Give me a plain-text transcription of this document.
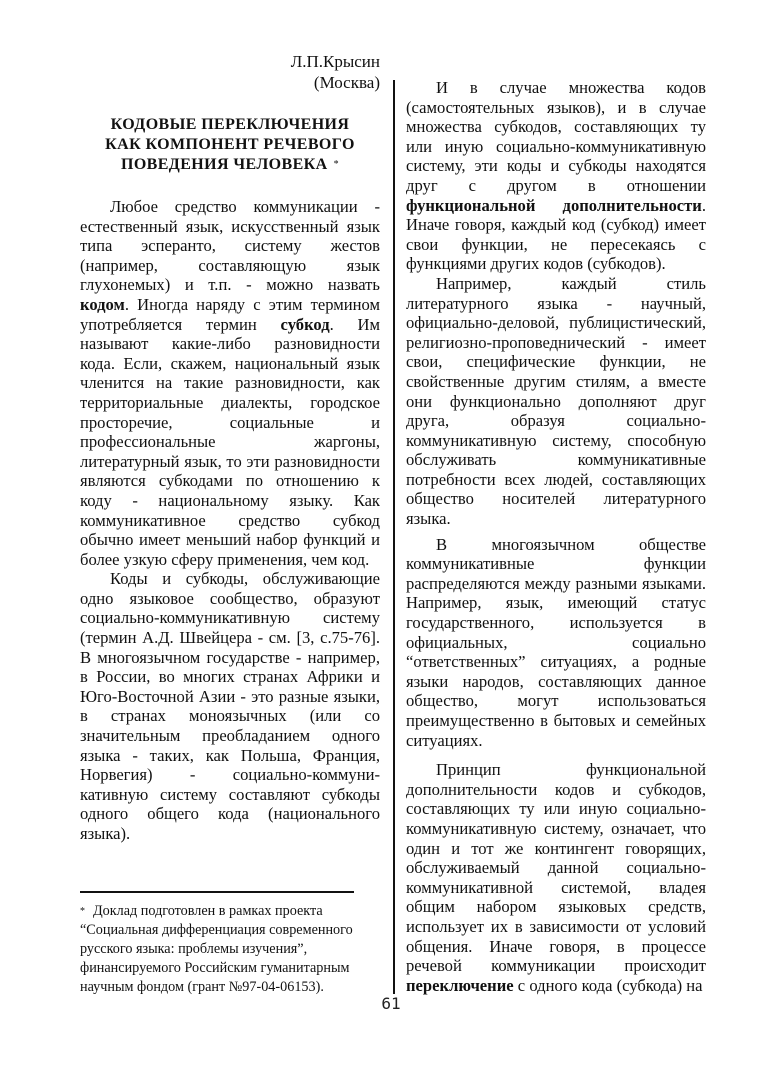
Л.П.Крысин
(Москва)
КОДОВЫЕ ПЕРЕКЛЮЧЕНИЯ
КАК КОМПОНЕНТ РЕЧЕВОГО
ПОВЕДЕНИЯ ЧЕЛОВЕКА *

Любое средство коммуникации - естественный язык, искусственный язык типа эсперанто, систему жестов (например, составляющую язык глухонемых) и т.п. - можно назвать кодом. Иногда наряду с этим термином употребляется термин субкод. Им называют какие-либо разновидности кода. Если, скажем, национальный язык членится на такие разновидности, как территориальные диалекты, городское просторечие, социальные и профессиональные жаргоны, литературный язык, то эти разновидности являются субкодами по отношению к коду - национальному языку. Как коммуникативное средство субкод обычно имеет меньший набор функций и более узкую сферу применения, чем код.

Коды и субкоды, обслуживающие одно языковое сообщество, образуют социально-коммуникативную систему (термин А.Д. Швейцера - см. [3, с.75-76]. В многоязычном государстве - например, в России, во многих странах Африки и Юго-Восточной Азии - это разные языки, в странах моноязычных (или со значительным преобладанием одного языка - таких, как Польша, Франция, Норвегия) - социально-коммуни-кативную систему составляют субкоды одного общего кода (национального языка).

И в случае множества кодов (самостоятельных языков), и в случае множества субкодов, составляющих ту или иную социально-коммуникативную систему, эти коды и субкоды находятся друг с другом в отношении функциональной дополнительности. Иначе говоря, каждый код (субкод) имеет свои функции, не пересекаясь с функциями других кодов (субкодов).

Например, каждый стиль литературного языка - научный, официально-деловой, публицистический, религиозно-проповеднический - имеет свои, специфические функции, не свойственные другим стилям, а вместе они функционально дополняют друг друга, образуя социально-коммуникативную систему, способную обслуживать коммуникативные потребности всех людей, составляющих общество носителей литературного языка.

В многоязычном обществе коммуникативные функции распределяются между разными языками. Например, язык, имеющий статус государственного, используется в официальных, социально “ответственных” ситуациях, а родные языки народов, составляющих данное общество, могут использоваться преимущественно в бытовых и семейных ситуациях.

Принцип функциональной дополнительности кодов и субкодов, составляющих ту или иную социально-коммуникативную систему, означает, что один и тот же контингент говорящих, обслуживаемый данной социально-коммуникативной системой, владея общим набором языковых средств, использует их в зависимости от условий общения. Иначе говоря, в процессе речевой коммуникации происходит переключение с одного кода (субкода) на

* Доклад подготовлен в рамках проекта “Социальная дифференциация современного русского языка: проблемы изучения”, финансируемого Российским гуманитарным научным фондом (грант №97-04-06153).
61
